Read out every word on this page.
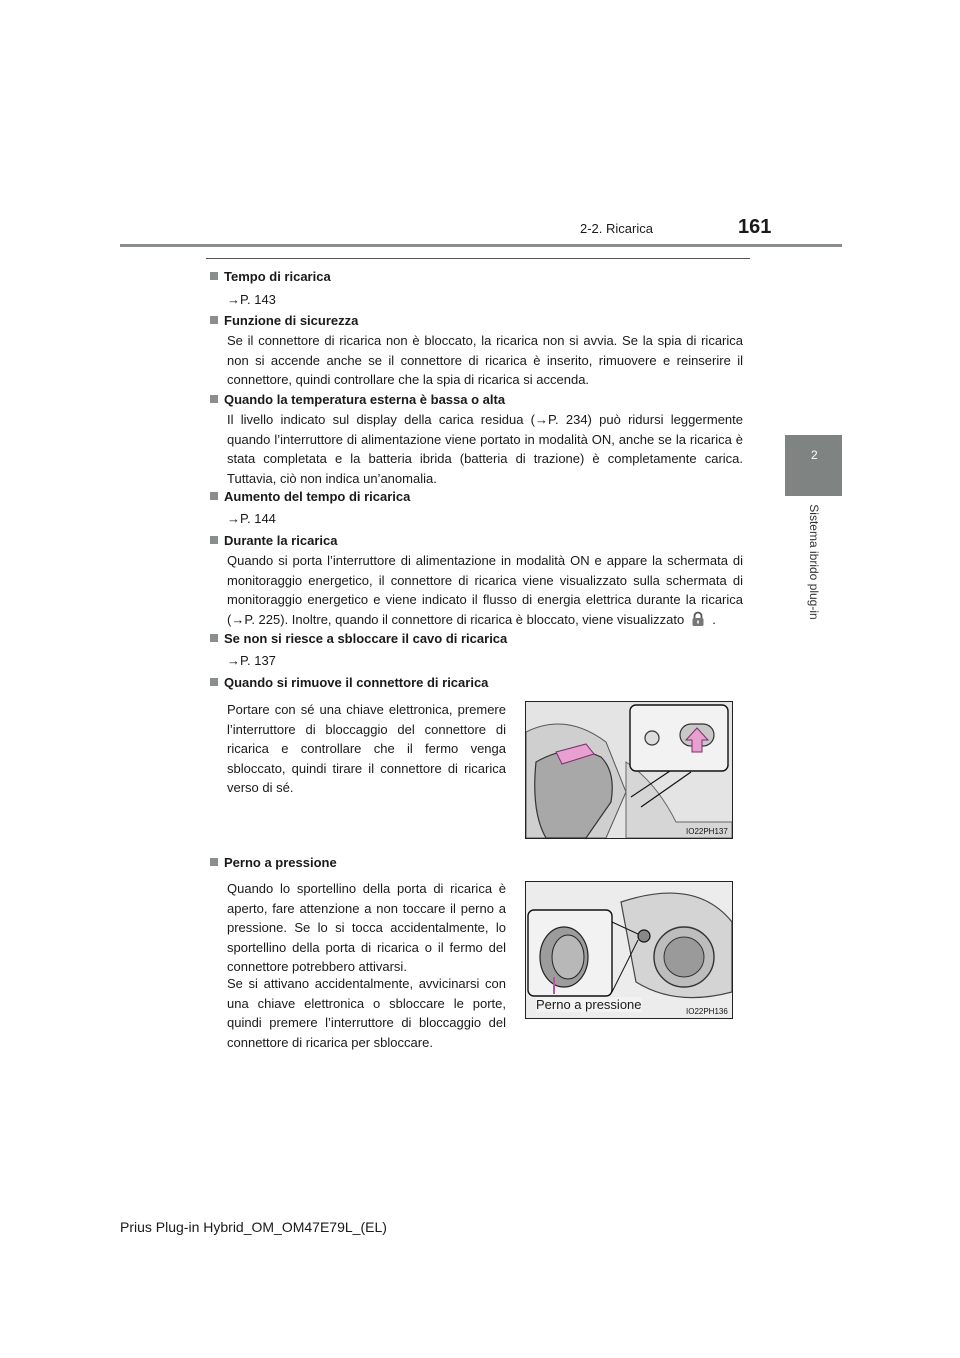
2-2. Ricarica	161
2
Sistema ibrido plug-in
Tempo di ricarica
→P. 143
Funzione di sicurezza
Se il connettore di ricarica non è bloccato, la ricarica non si avvia. Se la spia di ricarica non si accende anche se il connettore di ricarica è inserito, rimuovere e reinserire il connettore, quindi controllare che la spia di ricarica si accenda.
Quando la temperatura esterna è bassa o alta
Il livello indicato sul display della carica residua (→P. 234) può ridursi leggermente quando l’interruttore di alimentazione viene portato in modalità ON, anche se la ricarica è stata completata e la batteria ibrida (batteria di trazione) è completamente carica. Tuttavia, ciò non indica un’anomalia.
Aumento del tempo di ricarica
→P. 144
Durante la ricarica
Quando si porta l’interruttore di alimentazione in modalità ON e appare la schermata di monitoraggio energetico, il connettore di ricarica viene visualizzato sulla schermata di monitoraggio energetico e viene indicato il flusso di energia elettrica durante la ricarica (→P. 225). Inoltre, quando il connettore di ricarica è bloccato, viene visualizzato .
Se non si riesce a sbloccare il cavo di ricarica
→P. 137
Quando si rimuove il connettore di ricarica
Portare con sé una chiave elettronica, premere l’interruttore di bloccaggio del connettore di ricarica e controllare che il fermo venga sbloccato, quindi tirare il connettore di ricarica verso di sé.
IO22PH137
Perno a pressione
Quando lo sportellino della porta di ricarica è aperto, fare attenzione a non toccare il perno a pressione. Se lo si tocca accidentalmente, lo sportellino della porta di ricarica o il fermo del connettore potrebbero attivarsi.
Se si attivano accidentalmente, avvicinarsi con una chiave elettronica o sbloccare le porte, quindi premere l’interruttore di bloccaggio del connettore di ricarica per sbloccare.
Perno a pressione	IO22PH136
Prius Plug-in Hybrid_OM_OM47E79L_(EL)
